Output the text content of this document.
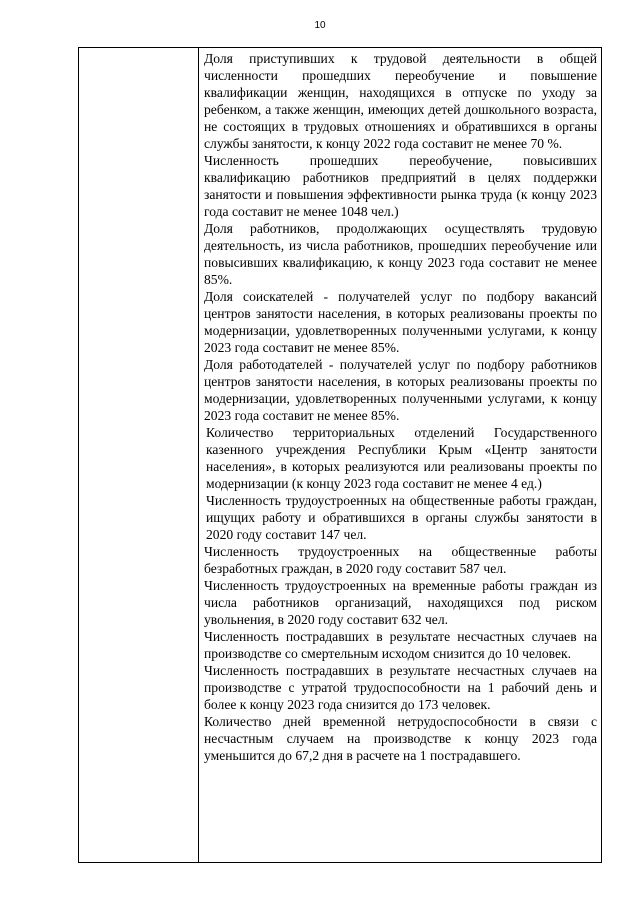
10

Доля приступивших к трудовой деятельности в общей численности прошедших переобучение и повышение квалификации женщин, находящихся в отпуске по уходу за ребенком, а также женщин, имеющих детей дошкольного возраста, не состоящих в трудовых отношениях и обратившихся в органы службы занятости, к концу 2022 года составит не менее 70 %.

Численность прошедших переобучение, повысивших квалификацию работников предприятий в целях поддержки занятости и повышения эффективности рынка труда (к концу 2023 года составит не менее 1048 чел.)

Доля работников, продолжающих осуществлять трудовую деятельность, из числа работников, прошедших переобучение или повысивших квалификацию, к концу 2023 года составит не менее 85%.

Доля соискателей - получателей услуг по подбору вакансий центров занятости населения, в которых реализованы проекты по модернизации, удовлетворенных полученными услугами, к концу 2023 года составит не менее 85%.

Доля работодателей - получателей услуг по подбору работников центров занятости населения, в которых реализованы проекты по модернизации, удовлетворенных полученными услугами, к концу 2023 года составит не менее 85%.

Количество территориальных отделений Государственного казенного учреждения Республики Крым «Центр занятости населения», в которых реализуются или реализованы проекты по модернизации (к концу 2023 года составит не менее 4 ед.)

Численность трудоустроенных на общественные работы граждан, ищущих работу и обратившихся в органы службы занятости в 2020 году составит 147 чел.

Численность трудоустроенных на общественные работы безработных граждан, в 2020 году составит 587 чел.

Численность трудоустроенных на временные работы граждан из числа работников организаций, находящихся под риском увольнения, в 2020 году составит 632 чел.

Численность пострадавших в результате несчастных случаев на производстве со смертельным исходом снизится до 10 человек.

Численность пострадавших в результате несчастных случаев на производстве с утратой трудоспособности на 1 рабочий день и более к концу 2023 года снизится до 173 человек.

Количество дней временной нетрудоспособности в связи с несчастным случаем на производстве к концу 2023 года уменьшится до 67,2 дня в расчете на 1 пострадавшего.
